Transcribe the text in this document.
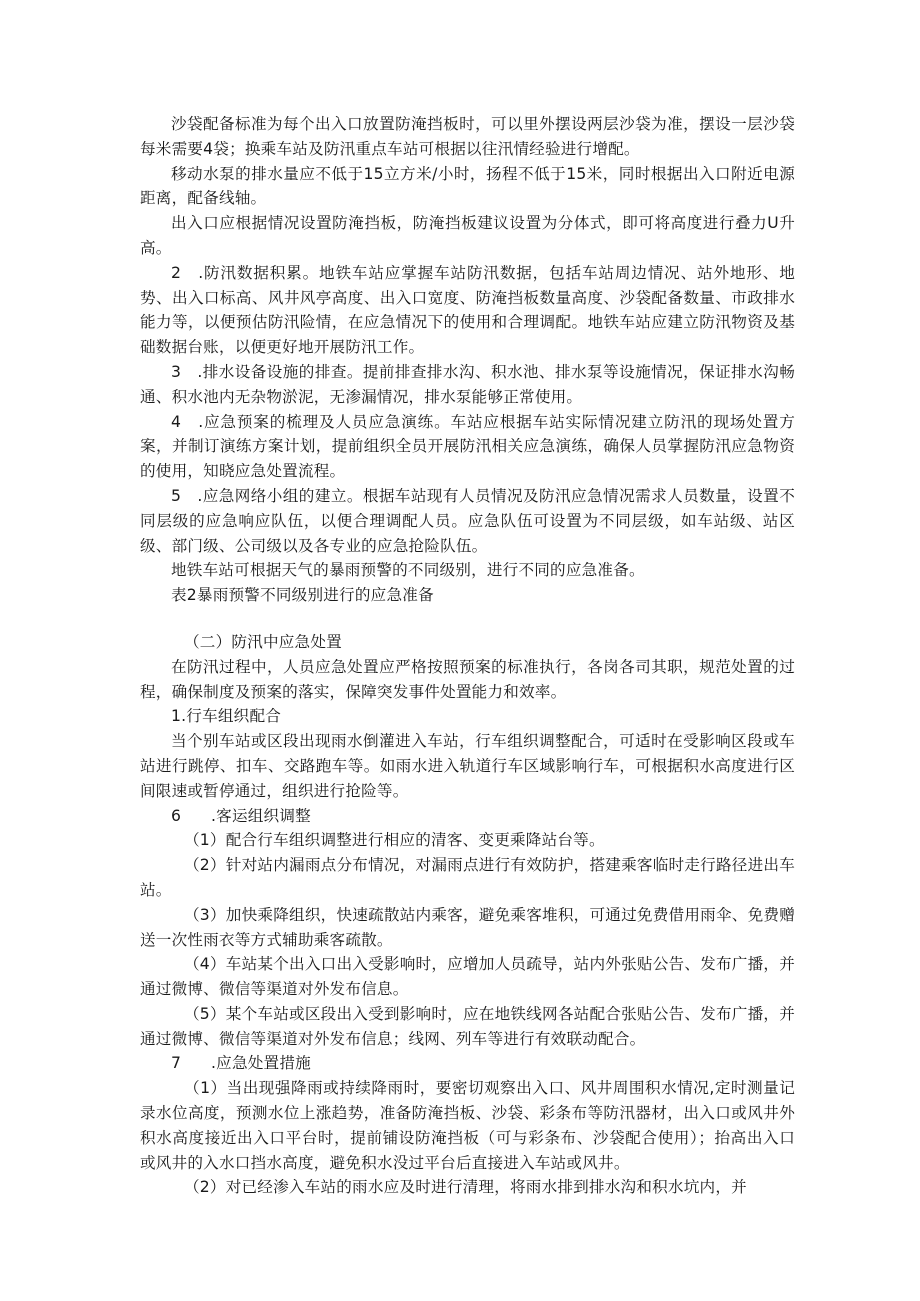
沙袋配备标准为每个出入口放置防淹挡板时，可以里外摆设两层沙袋为准，摆设一层沙袋每米需要4袋；换乘车站及防汛重点车站可根据以往汛情经验进行增配。

移动水泵的排水量应不低于15立方米/小时，扬程不低于15米，同时根据出入口附近电源距离，配备线轴。

出入口应根据情况设置防淹挡板，防淹挡板建议设置为分体式，即可将高度进行叠力U升高。

2　.防汛数据积累。地铁车站应掌握车站防汛数据，包括车站周边情况、站外地形、地势、出入口标高、风井风亭高度、出入口宽度、防淹挡板数量高度、沙袋配备数量、市政排水能力等，以便预估防汛险情，在应急情况下的使用和合理调配。地铁车站应建立防汛物资及基础数据台账，以便更好地开展防汛工作。

3　.排水设备设施的排查。提前排查排水沟、积水池、排水泵等设施情况，保证排水沟畅通、积水池内无杂物淤泥，无渗漏情况，排水泵能够正常使用。

4　.应急预案的梳理及人员应急演练。车站应根据车站实际情况建立防汛的现场处置方案，并制订演练方案计划，提前组织全员开展防汛相关应急演练，确保人员掌握防汛应急物资的使用，知晓应急处置流程。

5　.应急网络小组的建立。根据车站现有人员情况及防汛应急情况需求人员数量，设置不同层级的应急响应队伍，以便合理调配人员。应急队伍可设置为不同层级，如车站级、站区级、部门级、公司级以及各专业的应急抢险队伍。

地铁车站可根据天气的暴雨预警的不同级别，进行不同的应急准备。

表2暴雨预警不同级别进行的应急准备

（二）防汛中应急处置

在防汛过程中，人员应急处置应严格按照预案的标准执行，各岗各司其职，规范处置的过程，确保制度及预案的落实，保障突发事件处置能力和效率。

1.行车组织配合

当个别车站或区段出现雨水倒灌进入车站，行车组织调整配合，可适时在受影响区段或车站进行跳停、扣车、交路跑车等。如雨水进入轨道行车区域影响行车，可根据积水高度进行区间限速或暂停通过，组织进行抢险等。

6 .客运组织调整

（1）配合行车组织调整进行相应的清客、变更乘降站台等。

（2）针对站内漏雨点分布情况，对漏雨点进行有效防护，搭建乘客临时走行路径进出车站。

（3）加快乘降组织，快速疏散站内乘客，避免乘客堆积，可通过免费借用雨伞、免费赠送一次性雨衣等方式辅助乘客疏散。

（4）车站某个出入口出入受影响时，应增加人员疏导，站内外张贴公告、发布广播，并通过微博、微信等渠道对外发布信息。

（5）某个车站或区段出入受到影响时，应在地铁线网各站配合张贴公告、发布广播，并通过微博、微信等渠道对外发布信息；线网、列车等进行有效联动配合。

7 .应急处置措施

（1）当出现强降雨或持续降雨时，要密切观察出入口、风井周围积水情况,定时测量记录水位高度，预测水位上涨趋势，准备防淹挡板、沙袋、彩条布等防汛器材，出入口或风井外积水高度接近出入口平台时，提前铺设防淹挡板（可与彩条布、沙袋配合使用）；抬高出入口或风井的入水口挡水高度，避免积水没过平台后直接进入车站或风井。

（2）对已经渗入车站的雨水应及时进行清理，将雨水排到排水沟和积水坑内，并
